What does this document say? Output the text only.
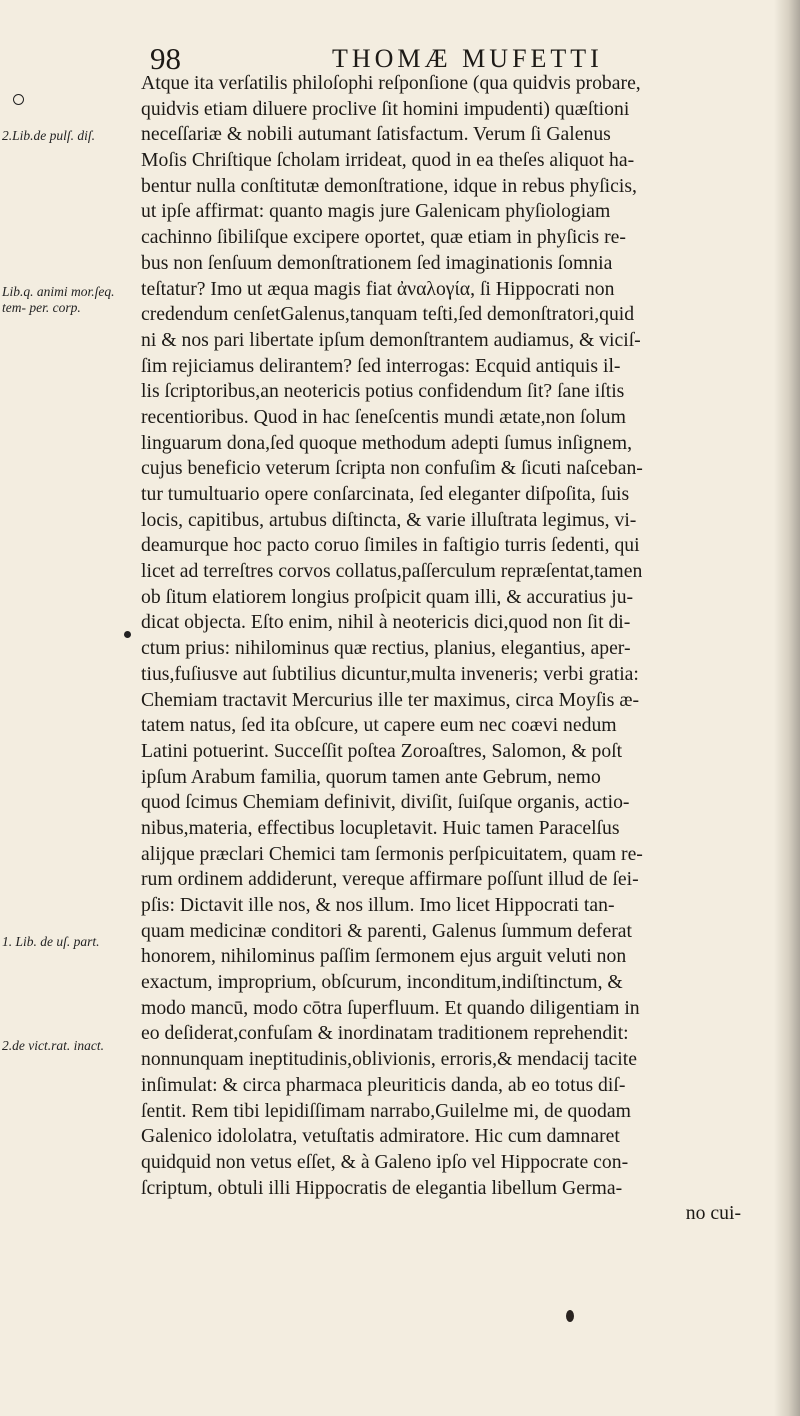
98	THOMÆ MUFETTI
2.Lib.de pulſ. diſ.
Lib.q. animi mor.ſeq. tem- per. corp.
1. Lib. de uſ. part.
2.de vict.rat. inact.
Atque ita verſatilis philoſophi reſponſione (qua quidvis probare,
quidvis etiam diluere proclive ſit homini impudenti) quæſtioni
neceſſariæ & nobili autumant ſatisfactum. Verum ſi Galenus
Moſis Chriſtique ſcholam irrideat, quod in ea theſes aliquot ha-
bentur nulla conſtitutæ demonſtratione, idque in rebus phyſicis,
ut ipſe affirmat: quanto magis jure Galenicam phyſiologiam
cachinno ſibiliſque excipere oportet, quæ etiam in phyſicis re-
bus non ſenſuum demonſtrationem ſed imaginationis ſomnia
teſtatur? Imo ut æqua magis fiat ἀναλογία, ſi Hippocrati non
credendum cenſetGalenus,tanquam teſti,ſed demonſtratori,quid
ni & nos pari libertate ipſum demonſtrantem audiamus, & viciſ-
ſim rejiciamus delirantem? ſed interrogas: Ecquid antiquis il-
lis ſcriptoribus,an neotericis potius confidendum ſit? ſane iſtis
recentioribus. Quod in hac ſeneſcentis mundi ætate,non ſolum
linguarum dona,ſed quoque methodum adepti ſumus inſignem,
cujus beneficio veterum ſcripta non confuſim & ſicuti naſceban-
tur tumultuario opere conſarcinata, ſed eleganter diſpoſita, ſuis
locis, capitibus, artubus diſtincta, & varie illuſtrata legimus, vi-
deamurque hoc pacto coruo ſimiles in faſtigio turris ſedenti, qui
licet ad terreſtres corvos collatus,paſſerculum repræſentat,tamen
ob ſitum elatiorem longius proſpicit quam illi, & accuratius ju-
dicat objecta. Eſto enim, nihil à neotericis dici,quod non ſit di-
ctum prius: nihilominus quæ rectius, planius, elegantius, aper-
tius,fuſiusve aut ſubtilius dicuntur,multa inveneris; verbi gratia:
Chemiam tractavit Mercurius ille ter maximus, circa Moyſis æ-
tatem natus, ſed ita obſcure, ut capere eum nec coævi nedum
Latini potuerint. Succeſſit poſtea Zoroaſtres, Salomon, & poſt
ipſum Arabum familia, quorum tamen ante Gebrum, nemo
quod ſcimus Chemiam definivit, diviſit, ſuiſque organis, actio-
nibus,materia, effectibus locupletavit. Huic tamen Paracelſus
alijque præclari Chemici tam ſermonis perſpicuitatem, quam re-
rum ordinem addiderunt, vereque affirmare poſſunt illud de ſei-
pſis: Dictavit ille nos, & nos illum. Imo licet Hippocrati tan-
quam medicinæ conditori & parenti, Galenus ſummum deferat
honorem, nihilominus paſſim ſermonem ejus arguit veluti non
exactum, improprium, obſcurum, inconditum,indiſtinctum, &
modo mancū, modo cōtra ſuperfluum. Et quando diligentiam in
eo deſiderat,confuſam & inordinatam traditionem reprehendit:
nonnunquam ineptitudinis,oblivionis, erroris,& mendacij tacite
inſimulat: & circa pharmaca pleuriticis danda, ab eo totus diſ-
ſentit. Rem tibi lepidiſſimam narrabo,Guilelme mi, de quodam
Galenico idololatra, vetuſtatis admiratore. Hic cum damnaret
quidquid non vetus eſſet, & à Galeno ipſo vel Hippocrate con-
ſcriptum, obtuli illi Hippocratis de elegantia libellum Germa-
no cui-
